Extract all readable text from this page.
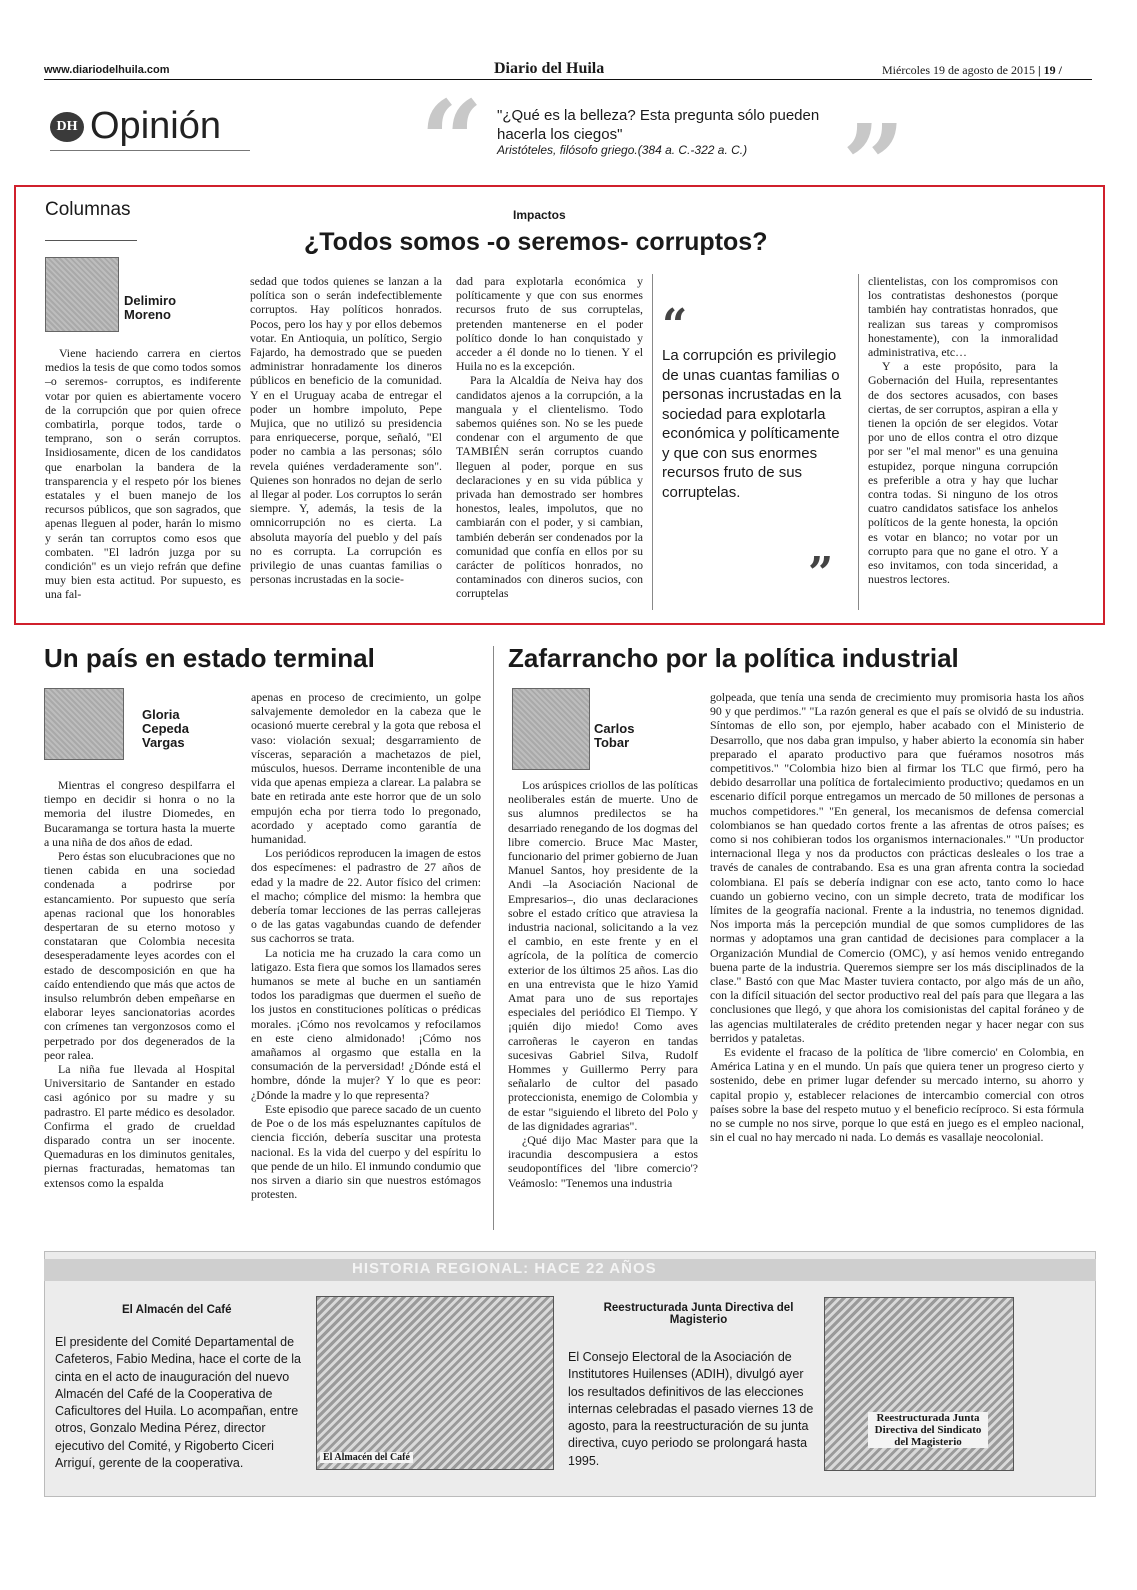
www.diariodelhuila.com	Diario del Huila	Miércoles 19 de agosto de 2015 | 19 /
DH Opinión “	”
"¿Qué es la belleza? Esta pregunta sólo pueden hacerla los ciegos"
Aristóteles, filósofo griego.(384 a. C.-322 a. C.)
Columnas	Impactos
¿Todos somos -o seremos- corruptos?
Delimiro
Moreno

Viene haciendo carrera en ciertos medios la tesis de que como todos somos –o seremos- corruptos, es indiferente votar por quien es abiertamente vocero de la corrupción que por quien ofrece combatirla, porque todos, tarde o temprano, son o serán corruptos. Insidiosamente, dicen de los candidatos que enarbolan la bandera de la transparencia y el respeto pór los bienes estatales y el buen manejo de los recursos públicos, que son sagrados, que apenas lleguen al poder, harán lo mismo y serán tan corruptos como esos que combaten. "El ladrón juzga por su condición" es un viejo refrán que define muy bien esta actitud. Por supuesto, es una fal-

sedad que todos quienes se lanzan a la política son o serán indefectiblemente corruptos. Hay políticos honrados. Pocos, pero los hay y por ellos debemos votar. En Antioquia, un político, Sergio Fajardo, ha demostrado que se pueden administrar honradamente los dineros públicos en beneficio de la comunidad. Y en el Uruguay acaba de entregar el poder un hombre impoluto, Pepe Mujica, que no utilizó su presidencia para enriquecerse, porque, señaló, "El poder no cambia a las personas; sólo revela quiénes verdaderamente son". Quienes son honrados no dejan de serlo al llegar al poder. Los corruptos lo serán siempre. Y, además, la tesis de la omnicorrupción no es cierta. La absoluta mayoría del pueblo y del país no es corrupta. La corrupción es privilegio de unas cuantas familias o personas incrustadas en la socie-

dad para explotarla económica y políticamente y que con sus enormes recursos fruto de sus corruptelas, pretenden mantenerse en el poder político donde lo han conquistado y acceder a él donde no lo tienen. Y el Huila no es la excepción.

Para la Alcaldía de Neiva hay dos candidatos ajenos a la corrupción, a la manguala y el clientelismo. Todo sabemos quiénes son. No se les puede condenar con el argumento de que TAMBIÉN serán corruptos cuando lleguen al poder, porque en sus declaraciones y en su vida pública y privada han demostrado ser hombres honestos, leales, impolutos, que no cambiarán con el poder, y si cambian, también deberán ser condenados por la comunidad que confía en ellos por su carácter de políticos honrados, no contaminados con dineros sucios, con corruptelas

“
La corrupción es privilegio de unas cuantas familias o personas incrustadas en la sociedad para explotarla económica y políticamente y que con sus enormes recursos fruto de sus corruptelas.
”

clientelistas, con los compromisos con los contratistas deshonestos (porque también hay contratistas honrados, que realizan sus tareas y compromisos honestamente), con la inmoralidad administrativa, etc…

Y a este propósito, para la Gobernación del Huila, representantes de dos sectores acusados, con bases ciertas, de ser corruptos, aspiran a ella y tienen la opción de ser elegidos. Votar por uno de ellos contra el otro dizque por ser "el mal menor" es una genuina estupidez, porque ninguna corrupción es preferible a otra y hay que luchar contra todas. Si ninguno de los otros cuatro candidatos satisface los anhelos políticos de la gente honesta, la opción es votar en blanco; no votar por un corrupto para que no gane el otro. Y a eso invitamos, con toda sinceridad, a nuestros lectores.

Un país en estado terminal
Gloria
Cepeda
Vargas

Mientras el congreso despilfarra el tiempo en decidir si honra o no la memoria del ilustre Diomedes, en Bucaramanga se tortura hasta la muerte a una niña de dos años de edad.

Pero éstas son elucubraciones que no tienen cabida en una sociedad condenada a podrirse por estancamiento. Por supuesto que sería apenas racional que los honorables despertaran de su eterno motoso y constataran que Colombia necesita desesperadamente leyes acordes con el estado de descomposición en que ha caído entendiendo que más que actos de insulso relumbrón deben empeñarse en elaborar leyes sancionatorias acordes con crímenes tan vergonzosos como el perpetrado por dos degenerados de la peor ralea.

La niña fue llevada al Hospital Universitario de Santander en estado casi agónico por su madre y su padrastro. El parte médico es desolador. Confirma el grado de crueldad disparado contra un ser inocente. Quemaduras en los diminutos genitales, piernas fracturadas, hematomas tan extensos como la espalda

apenas en proceso de crecimiento, un golpe salvajemente demoledor en la cabeza que le ocasionó muerte cerebral y la gota que rebosa el vaso: violación sexual; desgarramiento de vísceras, separación a machetazos de piel, músculos, huesos. Derrame incontenible de una vida que apenas empieza a clarear. La palabra se bate en retirada ante este horror que de un solo empujón echa por tierra todo lo pregonado, acordado y aceptado como garantía de humanidad.

Los periódicos reproducen la imagen de estos dos especímenes: el padrastro de 27 años de edad y la madre de 22. Autor físico del crimen: el macho; cómplice del mismo: la hembra que debería tomar lecciones de las perras callejeras o de las gatas vagabundas cuando de defender sus cachorros se trata.

La noticia me ha cruzado la cara como un latigazo. Esta fiera que somos los llamados seres humanos se mete al buche en un santiamén todos los paradigmas que duermen el sueño de los justos en constituciones políticas o prédicas morales. ¡Cómo nos revolcamos y refocilamos en este cieno almidonado! ¡Cómo nos amañamos al orgasmo que estalla en la consumación de la perversidad! ¿Dónde está el hombre, dónde la mujer? Y lo que es peor: ¿Dónde la madre y lo que representa?

Este episodio que parece sacado de un cuento de Poe o de los más espeluznantes capítulos de ciencia ficción, debería suscitar una protesta nacional. Es la vida del cuerpo y del espíritu lo que pende de un hilo. El inmundo condumio que nos sirven a diario sin que nuestros estómagos protesten.

Zafarrancho por la política industrial
Carlos
Tobar

Los arúspices criollos de las políticas neoliberales están de muerte. Uno de sus alumnos predilectos se ha desarriado renegando de los dogmas del libre comercio. Bruce Mac Master, funcionario del primer gobierno de Juan Manuel Santos, hoy presidente de la Andi –la Asociación Nacional de Empresarios–, dio unas declaraciones sobre el estado crítico que atraviesa la industria nacional, solicitando a la vez el cambio, en este frente y en el agrícola, de la política de comercio exterior de los últimos 25 años. Las dio en una entrevista que le hizo Yamid Amat para uno de sus reportajes especiales del periódico El Tiempo. Y ¡quién dijo miedo! Como aves carroñeras le cayeron en tandas sucesivas Gabriel Silva, Rudolf Hommes y Guillermo Perry para señalarlo de cultor del pasado proteccionista, enemigo de Colombia y de estar "siguiendo el libreto del Polo y de las dignidades agrarias".

¿Qué dijo Mac Master para que la iracundia descompusiera a estos seudopontífices del 'libre comercio'? Veámoslo: "Tenemos una industria

golpeada, que tenía una senda de crecimiento muy promisoria hasta los años 90 y que perdimos." "La razón general es que el país se olvidó de su industria. Síntomas de ello son, por ejemplo, haber acabado con el Ministerio de Desarrollo, que nos daba gran impulso, y haber abierto la economía sin haber preparado el aparato productivo para que fuéramos nosotros más competitivos." "Colombia hizo bien al firmar los TLC que firmó, pero ha debido desarrollar una política de fortalecimiento productivo; quedamos en un escenario difícil porque entregamos un mercado de 50 millones de personas a muchos competidores." "En general, los mecanismos de defensa comercial colombianos se han quedado cortos frente a las afrentas de otros países; es como si nos cohibieran todos los organismos internacionales." "Un productor internacional llega y nos da productos con prácticas desleales o los trae a través de canales de contrabando. Esa es una gran afrenta contra la sociedad colombiana. El país se debería indignar con ese acto, tanto como lo hace cuando un gobierno vecino, con un simple decreto, trata de modificar los límites de la geografía nacional. Frente a la industria, no tenemos dignidad. Nos importa más la percepción mundial de que somos cumplidores de las normas y adoptamos una gran cantidad de decisiones para complacer a la Organización Mundial de Comercio (OMC), y así hemos venido entregando buena parte de la industria. Queremos siempre ser los más disciplinados de la clase." Bastó con que Mac Master tuviera contacto, por algo más de un año, con la difícil situación del sector productivo real del país para que llegara a las conclusiones que llegó, y que ahora los comisionistas del capital foráneo y de las agencias multilaterales de crédito pretenden negar y hacer negar con sus berridos y pataletas.

Es evidente el fracaso de la política de 'libre comercio' en Colombia, en América Latina y en el mundo. Un país que quiera tener un progreso cierto y sostenido, debe en primer lugar defender su mercado interno, su ahorro y capital propio y, establecer relaciones de intercambio comercial con otros países sobre la base del respeto mutuo y el beneficio recíproco. Si esta fórmula no se cumple no nos sirve, porque lo que está en juego es el empleo nacional, sin el cual no hay mercado ni nada. Lo demás es vasallaje neocolonial.

HISTORIA REGIONAL: HACE 22 AÑOS
El Almacén del Café
El presidente del Comité Departamental de Cafeteros, Fabio Medina, hace el corte de la cinta en el acto de inauguración del nuevo Almacén del Café de la Cooperativa de Caficultores del Huila. Lo acompañan, entre otros, Gonzalo Medina Pérez, director ejecutivo del Comité, y Rigoberto Ciceri Arriguí, gerente de la cooperativa.	El Almacén del Café
Reestructurada Junta Directiva del Magisterio
El Consejo Electoral de la Asociación de Institutores Huilenses (ADIH), divulgó ayer los resultados definitivos de las elecciones internas celebradas el pasado viernes 13 de agosto, para la reestructuración de su junta directiva, cuyo periodo se prolongará hasta 1995.
Reestructurada Junta Directiva del Sindicato del Magisterio
